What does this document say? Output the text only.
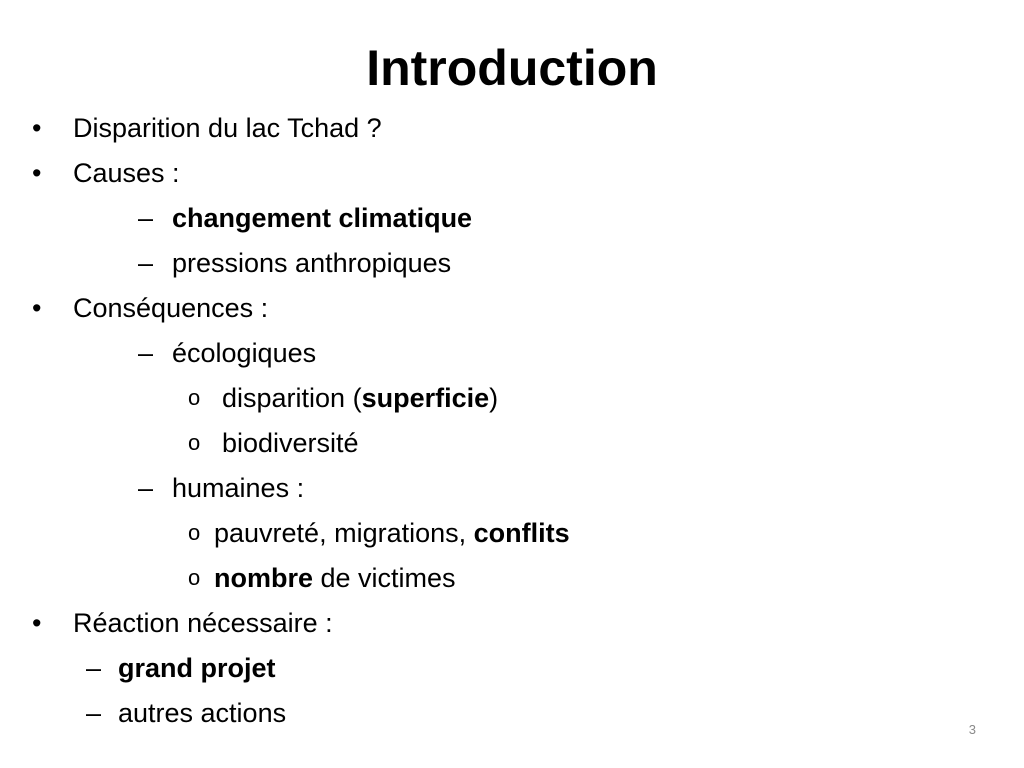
Introduction
• Disparition du lac Tchad ?
• Causes :
– changement climatique
– pressions anthropiques
• Conséquences :
– écologiques
o disparition (superficie)
o biodiversité
– humaines :
o pauvreté, migrations, conflits
o nombre de victimes
• Réaction nécessaire :
– grand projet
– autres actions
3
